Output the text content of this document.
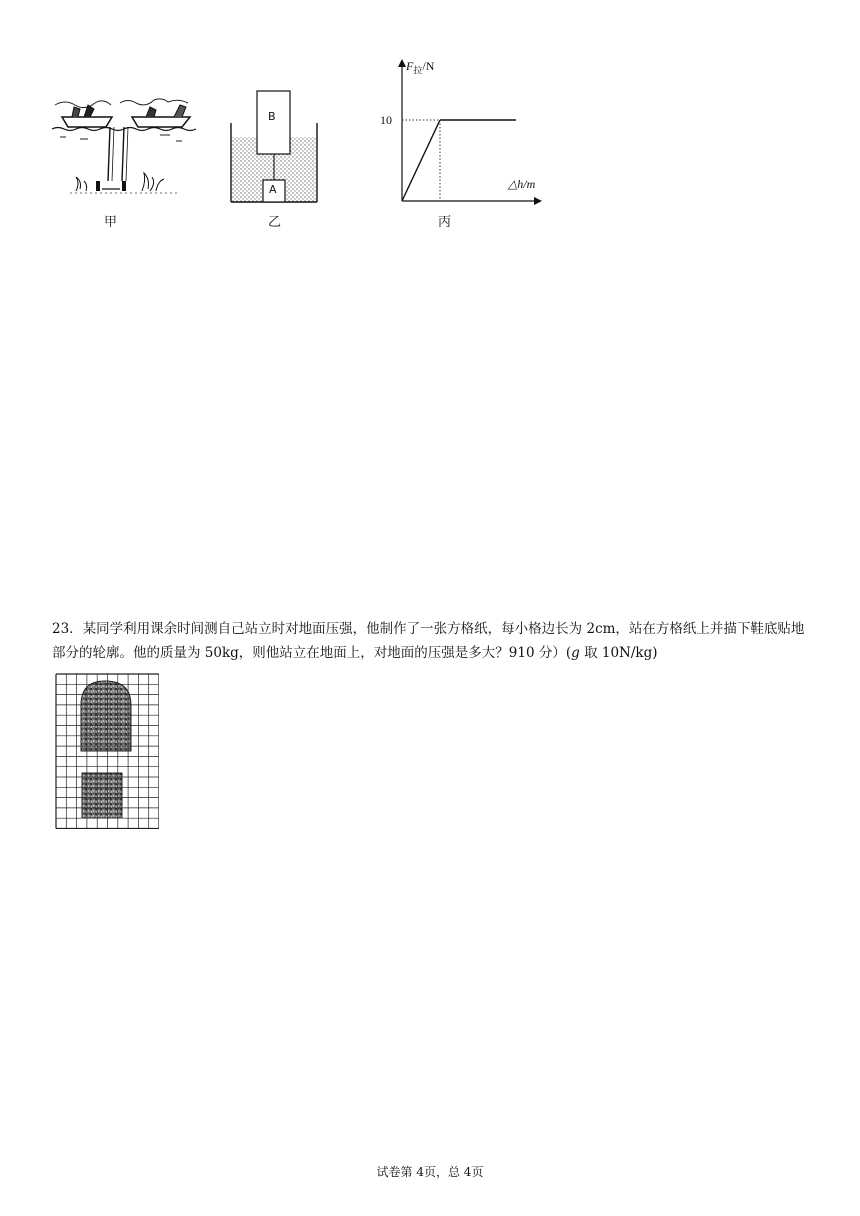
甲
B
A
乙
$F_拉/N$
10
△h/m
丙
23．某同学利用课余时间测自己站立时对地面压强，他制作了一张方格纸，每小格边长为 2cm，站在方格纸上并描下鞋底贴地部分的轮廓。他的质量为 50kg，则他站立在地面上，对地面的压强是多大？910 分）(g 取 10N/kg)
试卷第 4页，总 4页
